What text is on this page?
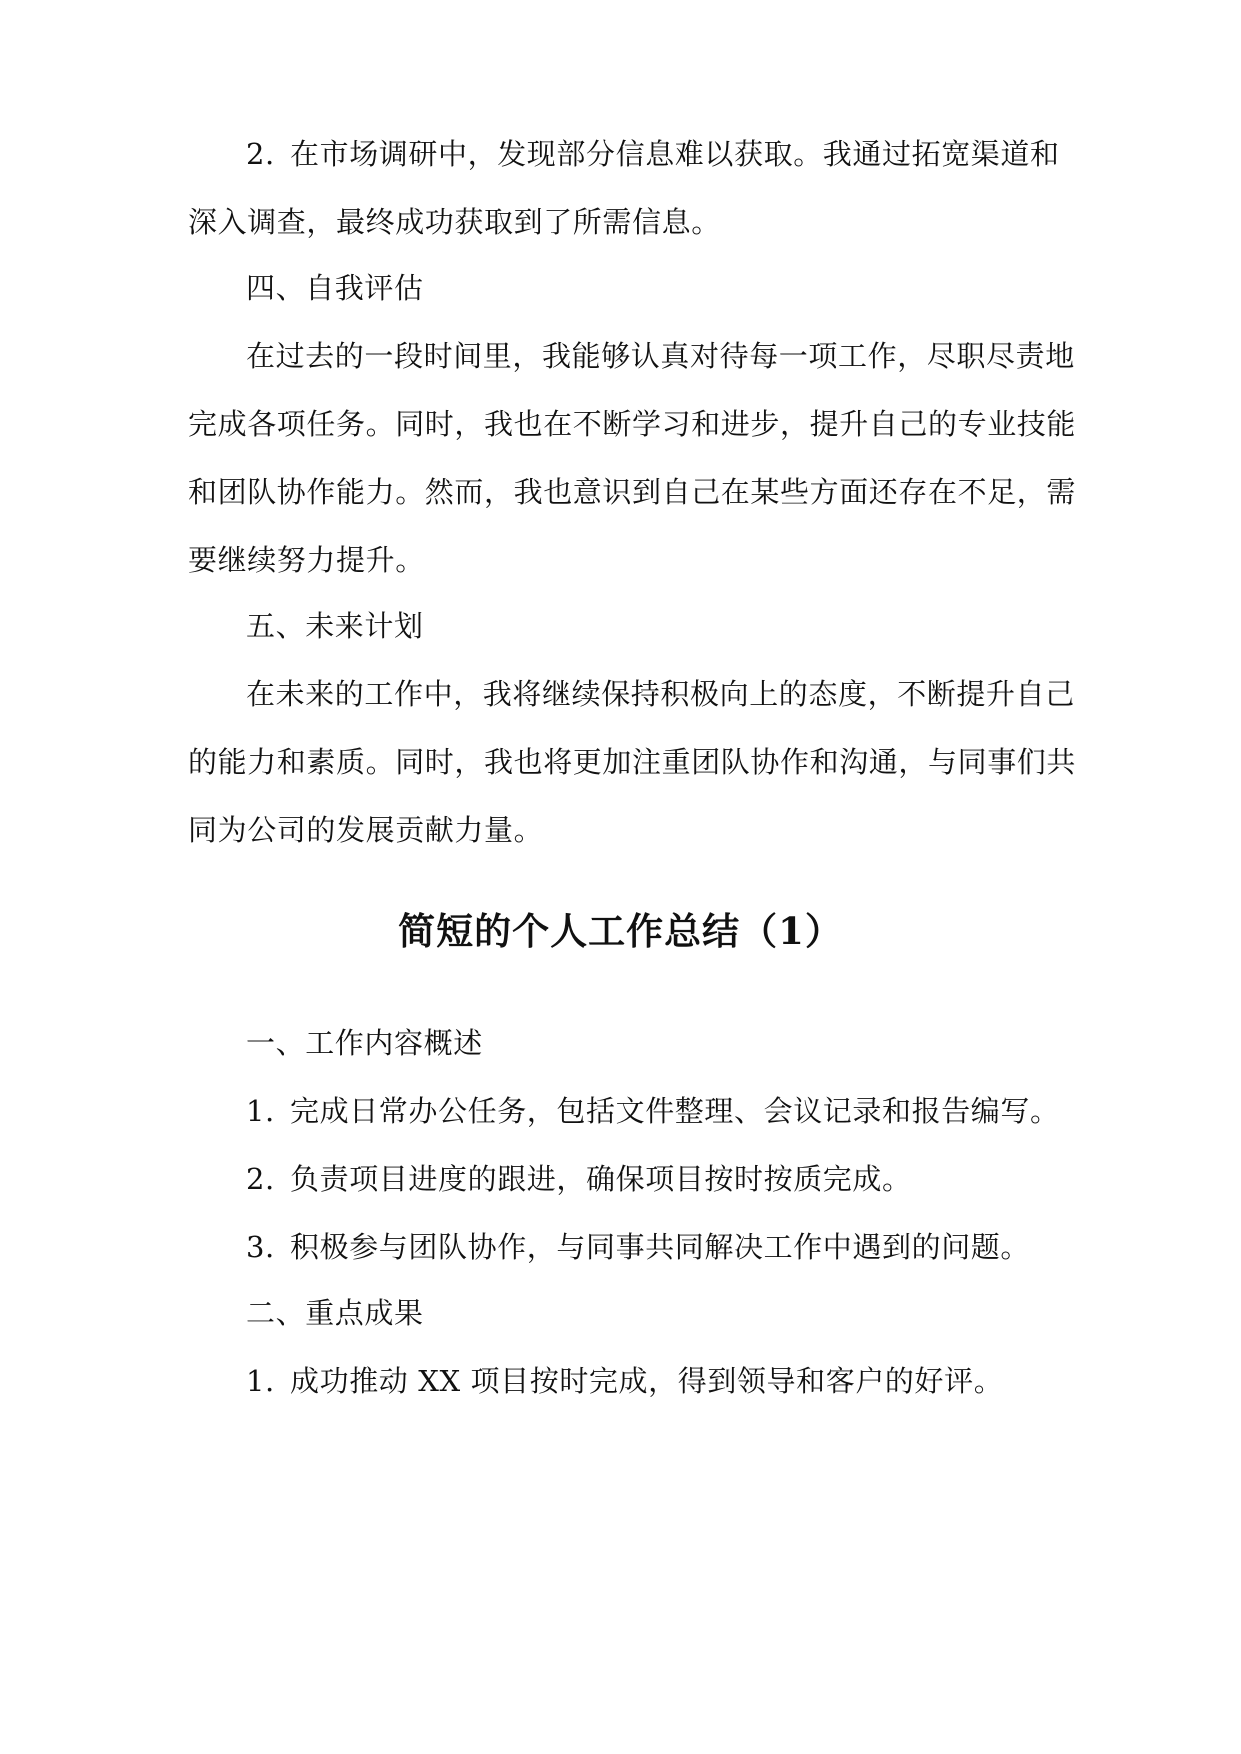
2. 在市场调研中，发现部分信息难以获取。我通过拓宽渠道和
深入调查，最终成功获取到了所需信息。
四、自我评估
在过去的一段时间里，我能够认真对待每一项工作，尽职尽责地
完成各项任务。同时，我也在不断学习和进步，提升自己的专业技能
和团队协作能力。然而，我也意识到自己在某些方面还存在不足，需
要继续努力提升。
五、未来计划
在未来的工作中，我将继续保持积极向上的态度，不断提升自己
的能力和素质。同时，我也将更加注重团队协作和沟通，与同事们共
同为公司的发展贡献力量。
简短的个人工作总结（1）
一、工作内容概述
1. 完成日常办公任务，包括文件整理、会议记录和报告编写。
2. 负责项目进度的跟进，确保项目按时按质完成。
3. 积极参与团队协作，与同事共同解决工作中遇到的问题。
二、重点成果
1. 成功推动 XX 项目按时完成，得到领导和客户的好评。
